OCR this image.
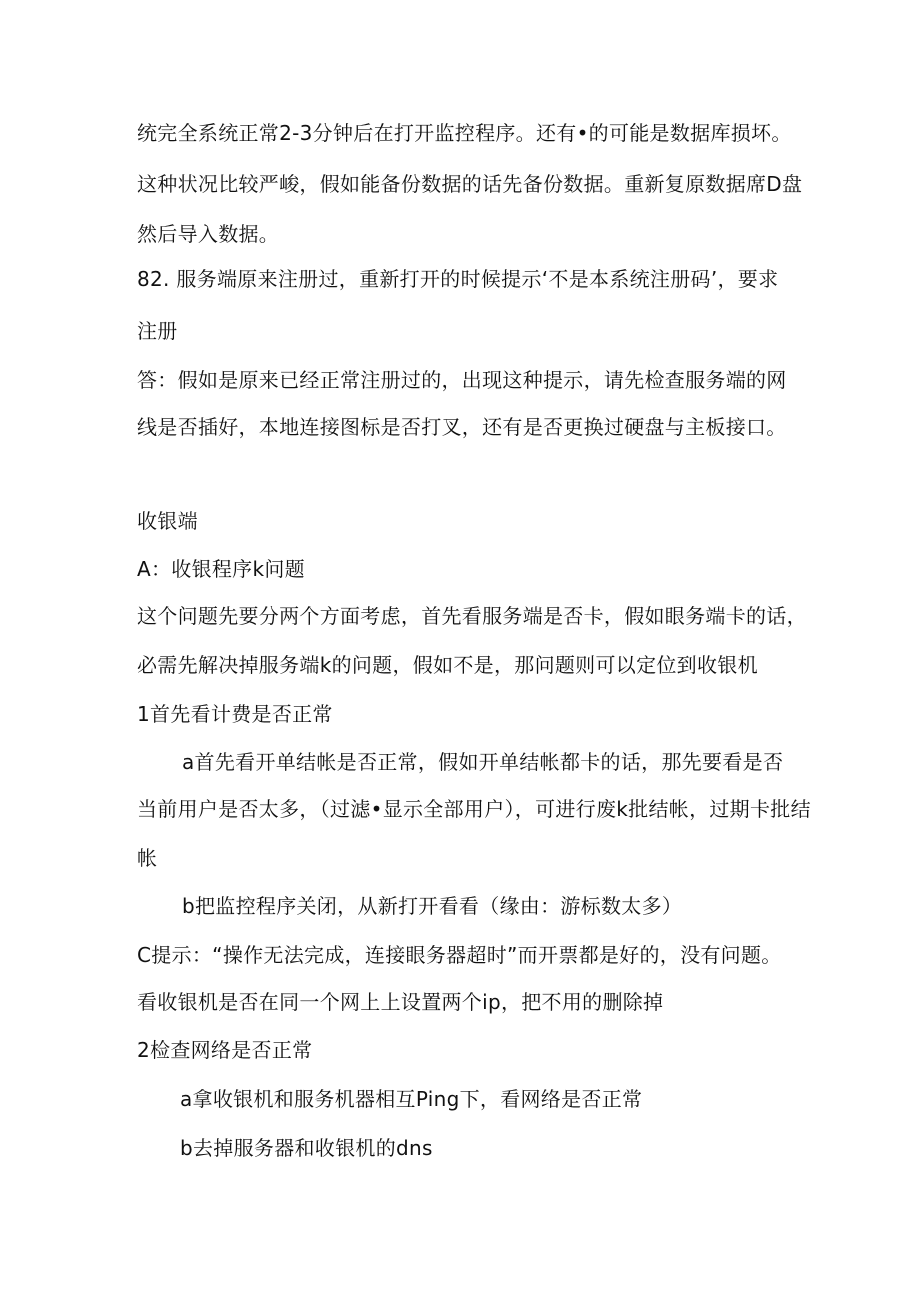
统完全系统正常2-3分钟后在打开监控程序。还有•的可能是数据库损坏。
这种状况比较严峻，假如能备份数据的话先备份数据。重新复原数据席D盘
然后导入数据。
82. 服务端原来注册过，重新打开的时候提示‘不是本系统注册码’，要求
注册
答：假如是原来已经正常注册过的，出现这种提示，请先检查服务端的网
线是否插好，本地连接图标是否打叉，还有是否更换过硬盘与主板接口。
收银端
A：收银程序k问题
这个问题先要分两个方面考虑，首先看服务端是否卡，假如眼务端卡的话，
必需先解决掉服务端k的问题，假如不是，那问题则可以定位到收银机
1首先看计费是否正常
a首先看开单结帐是否正常，假如开单结帐都卡的话，那先要看是否
当前用户是否太多，（过滤•显示全部用户），可进行废k批结帐，过期卡批结
帐
b把监控程序关闭，从新打开看看（缘由：游标数太多）
C提示：“操作无法完成，连接眼务器超时”而开票都是好的，没有问题。
看收银机是否在同一个网上上设置两个ip，把不用的删除掉
2检查网络是否正常
a拿收银机和服务机器相互Ping下，看网络是否正常
b去掉服务器和收银机的dns
